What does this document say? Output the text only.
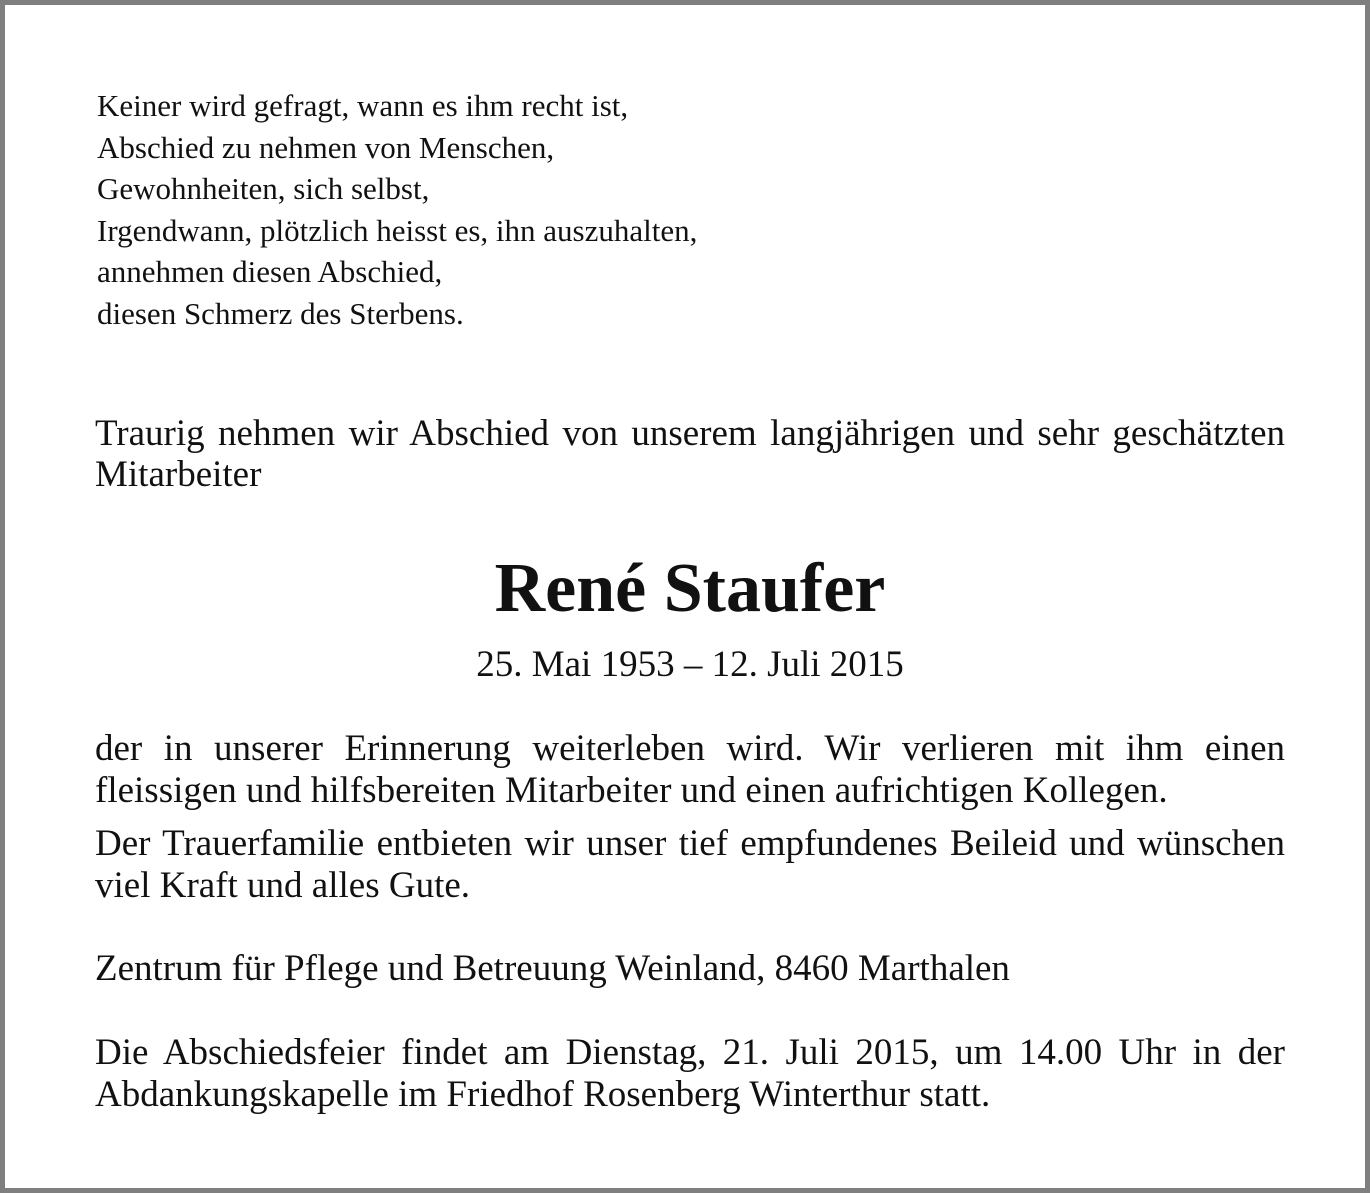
Keiner wird gefragt, wann es ihm recht ist,
Abschied zu nehmen von Menschen,
Gewohnheiten, sich selbst,
Irgendwann, plötzlich heisst es, ihn auszuhalten,
annehmen diesen Abschied,
diesen Schmerz des Sterbens.
Traurig nehmen wir Abschied von unserem langjährigen und sehr geschätzten Mitarbeiter
René Staufer
25. Mai 1953 – 12. Juli 2015
der in unserer Erinnerung weiterleben wird. Wir verlieren mit ihm einen fleissigen und hilfsbereiten Mitarbeiter und einen aufrichtigen Kollegen.
Der Trauerfamilie entbieten wir unser tief empfundenes Beileid und wünschen viel Kraft und alles Gute.
Zentrum für Pflege und Betreuung Weinland, 8460 Marthalen
Die Abschiedsfeier findet am Dienstag, 21. Juli 2015, um 14.00 Uhr in der Abdankungskapelle im Friedhof Rosenberg Winterthur statt.
